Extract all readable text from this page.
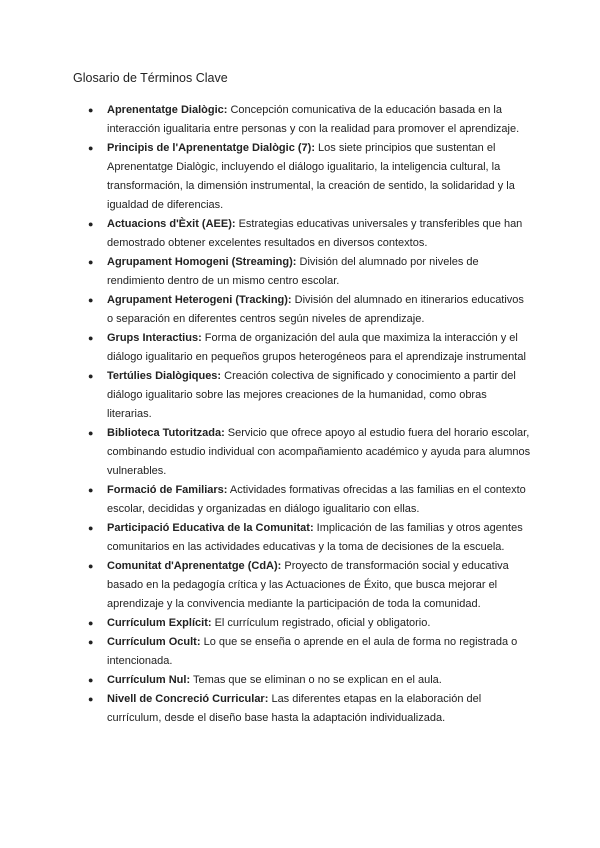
Glosario de Términos Clave
● Aprenentatge Dialògic: Concepción comunicativa de la educación basada en la interacción igualitaria entre personas y con la realidad para promover el aprendizaje.
● Principis de l'Aprenentatge Dialògic (7): Los siete principios que sustentan el Aprenentatge Dialògic, incluyendo el diálogo igualitario, la inteligencia cultural, la transformación, la dimensión instrumental, la creación de sentido, la solidaridad y la igualdad de diferencias.
● Actuacions d'Èxit (AEE): Estrategias educativas universales y transferibles que han demostrado obtener excelentes resultados en diversos contextos.
● Agrupament Homogeni (Streaming): División del alumnado por niveles de rendimiento dentro de un mismo centro escolar.
● Agrupament Heterogeni (Tracking): División del alumnado en itinerarios educativos o separación en diferentes centros según niveles de aprendizaje.
● Grups Interactius: Forma de organización del aula que maximiza la interacción y el diálogo igualitario en pequeños grupos heterogéneos para el aprendizaje instrumental
● Tertúlies Dialògiques: Creación colectiva de significado y conocimiento a partir del diálogo igualitario sobre las mejores creaciones de la humanidad, como obras literarias.
● Biblioteca Tutoritzada: Servicio que ofrece apoyo al estudio fuera del horario escolar, combinando estudio individual con acompañamiento académico y ayuda para alumnos vulnerables.
● Formació de Familiars: Actividades formativas ofrecidas a las familias en el contexto escolar, decididas y organizadas en diálogo igualitario con ellas.
● Participació Educativa de la Comunitat: Implicación de las familias y otros agentes comunitarios en las actividades educativas y la toma de decisiones de la escuela.
● Comunitat d'Aprenentatge (CdA): Proyecto de transformación social y educativa basado en la pedagogía crítica y las Actuaciones de Éxito, que busca mejorar el aprendizaje y la convivencia mediante la participación de toda la comunidad.
● Currículum Explícit: El currículum registrado, oficial y obligatorio.
● Currículum Ocult: Lo que se enseña o aprende en el aula de forma no registrada o intencionada.
● Currículum Nul: Temas que se eliminan o no se explican en el aula.
● Nivell de Concreció Curricular: Las diferentes etapas en la elaboración del currículum, desde el diseño base hasta la adaptación individualizada.
